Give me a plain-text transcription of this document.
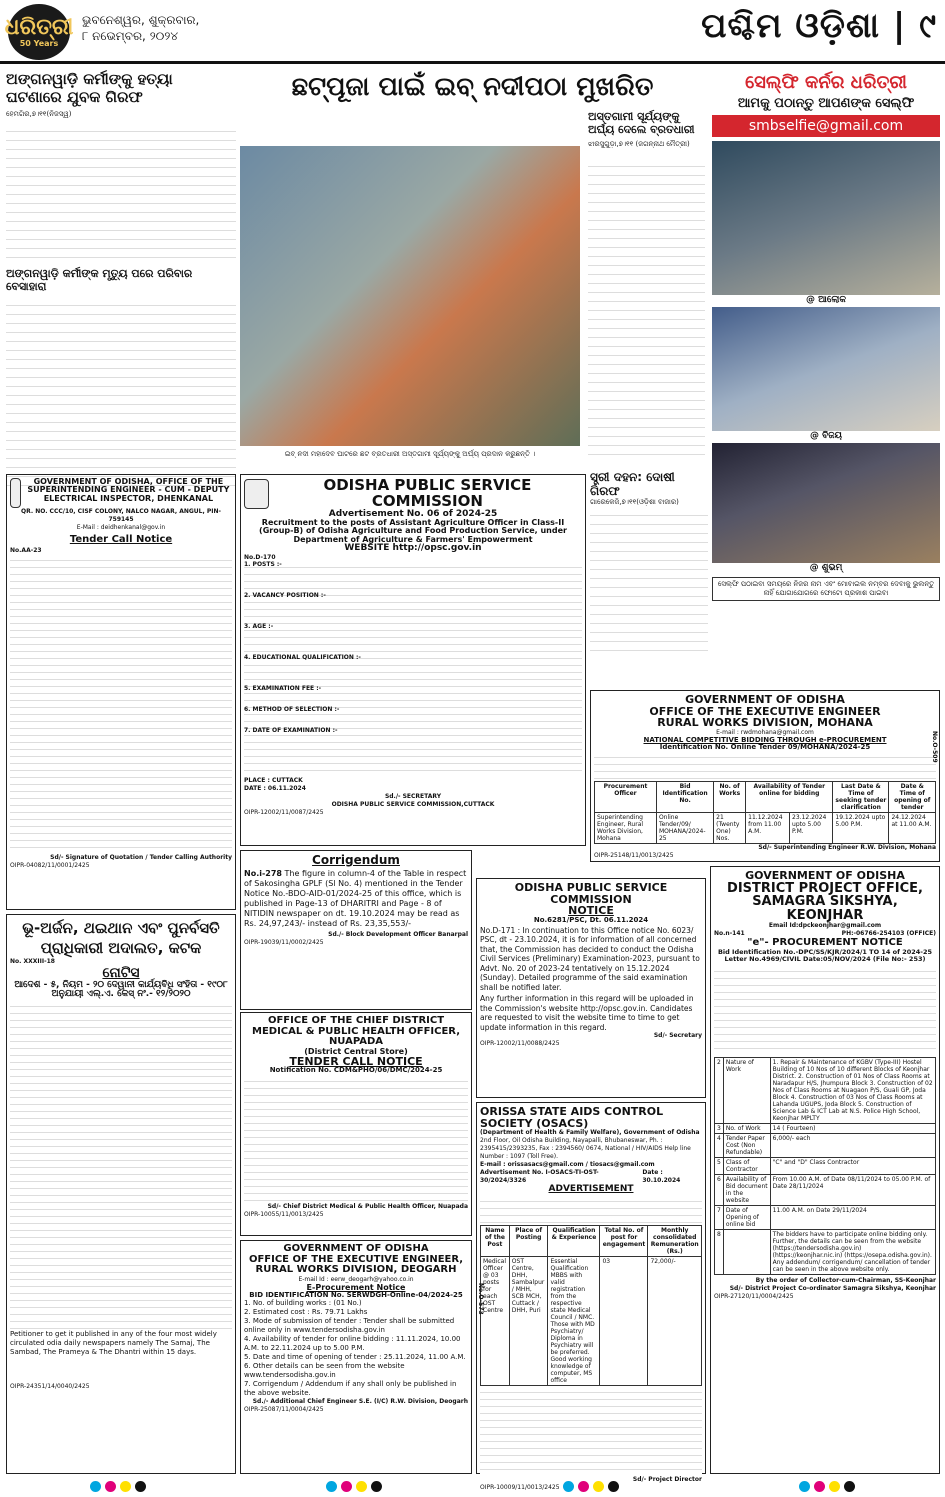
ଧରିତ୍ରୀ
50 Years
ଭୁବନେଶ୍ୱର, ଶୁକ୍ରବାର,
୮ ନଭେମ୍ବର, ୨୦୨୪	ପଶ୍ଚିମ ଓଡ଼ିଶା | ୯
ଅଙ୍ଗନୱାଡ଼ି କର୍ମୀଙ୍କୁ ହତ୍ୟା ଘଟଣାରେ ଯୁବକ ଗିରଫ
ହେମଗିର,୭।୧୧(ନିଜସ୍ୱ)
ଅଙ୍ଗନୱାଡ଼ି କର୍ମୀଙ୍କ ମୃତ୍ୟୁ ପରେ ପରିବାର ବେସାହାରା
ଛଟ୍‌ପୂଜା ପାଇଁ ଇବ୍ ନଦୀପଠା ମୁଖରିତ
ଇବ୍ ନଦୀ ମହାଦେବ ଘାଟରେ ଛଟ ବ୍ରତଧାରୀ ଅସ୍ତଗାମୀ ସୂର୍ଯ୍ୟଙ୍କୁ ଅର୍ଘ୍ୟ ପ୍ରଦାନ କରୁଛନ୍ତି ।
ଅସ୍ତଗାମୀ ସୂର୍ଯ୍ୟଙ୍କୁ ଅର୍ଘ୍ୟ ଦେଲେ ବ୍ରତଧାରୀ
ଝାରସୁଗୁଡ଼ା,୭।୧୧ (ଜଗନ୍ନାଥ ମୈତ୍ରୀ)
ସେଲ୍ଫି କର୍ନର ଧରିତ୍ରୀ
ଆମକୁ ପଠାନ୍ତୁ ଆପଣଙ୍କ ସେଲ୍ଫି
smbselfie@gmail.com
@ ଆଲୋକ
@ ବିଜୟ
@ ଶୁଭମ୍
ସେଲ୍ଫି ପଠାଇବା ସମୟରେ ନିଜର ନାମ ଏବଂ ମୋବାଇଲ ନମ୍ବର ଦେବାକୁ ଭୁଲନ୍ତୁ ନାହିଁ ଯୋଗାଯୋଗରେ ଫୋଟୋ ପ୍ରକାଶ ପାଇବା
ସ୍ତ୍ରୀ ଦହନ: ଦୋଷୀ ଗିରଫ
ଗାରେକେଜି,୭।୧୧(ଓଡ଼ିଶା ବାଜାର)
GOVERNMENT OF ODISHA, OFFICE OF THE SUPERINTENDING ENGINEER - CUM - DEPUTY ELECTRICAL INSPECTOR, DHENKANAL
QR. NO. CCC/10, CISF COLONY, NALCO NAGAR, ANGUL, PIN-759145
E-Mail : deidhenkanal@gov.in
Tender Call Notice
No.AA-23
Sd/- Signature of Quotation / Tender Calling Authority
OIPR-04082/11/0001/2425
ODISHA PUBLIC SERVICE COMMISSION
Advertisement No. 06 of 2024-25
Recruitment to the posts of Assistant Agriculture Officer in Class-II (Group-B) of Odisha Agriculture and Food Production Service, under Department of Agriculture & Farmers' Empowerment
WEBSITE http://opsc.gov.in
No.D-170
1. POSTS :-
2. VACANCY POSITION :-
3. AGE :-
4. EDUCATIONAL QUALIFICATION :-
5. EXAMINATION FEE :-
6. METHOD OF SELECTION :-
7. DATE OF EXAMINATION :-
PLACE : CUTTACK
DATE : 06.11.2024
Sd./- SECRETARY
ODISHA PUBLIC SERVICE COMMISSION,CUTTACK
OIPR-12002/11/0087/2425
GOVERNMENT OF ODISHA
OFFICE OF THE EXECUTIVE ENGINEER
RURAL WORKS DIVISION, MOHANA
E-mail : rwdmohana@gmail.com
NATIONAL COMPETITIVE BIDDING THROUGH e-PROCUREMENT
Identification No. Online Tender 09/MOHANA/2024-25
Procurement Officer	Bid Identification No.	No. of Works	Availability of Tender online for bidding		Last Date & Time of seeking tender clarification	Date & Time of opening of tender
Superintending Engineer, Rural Works Division, Mohana	Online Tender/09/ MOHANA/2024-25	21 (Twenty One) Nos.	11.12.2024 from 11.00 A.M.	23.12.2024 upto 5.00 P.M.	19.12.2024 upto 5.00 P.M.	24.12.2024 at 11.00 A.M.
Sd/- Superintending Engineer R.W. Division, Mohana
OIPR-25148/11/0013/2425
No.O-509
ଭୂ-ଅର୍ଜନ, ଥଇଥାନ ଏବଂ ପୁନର୍ବସତି ପ୍ରାଧିକାରୀ ଅଦାଲତ, କଟକ
No. XXXIII-18
ନୋଟିସ
ଆଦେଶ - ୫, ନିୟମ - ୨୦ ଦେୱାନୀ କାର୍ଯ୍ୟବିଧି ସଂହିତା - ୧୯୦୮ ଅନୁଯାୟୀ ଏଲ୍.ଏ. କେସ୍ ନଂ.- ୧୨/୨୦୨୦
Petitioner to get it published in any of the four most widely circulated odia daily newspapers namely The Samaj, The Sambad, The Prameya & The Dhantri within 15 days.
OIPR-24351/14/0040/2425
Corrigendum
No.i-278 The figure in column-4 of the Table in respect of Sakosingha GPLF (Sl No. 4) mentioned in the Tender Notice No.-BDO-AID-01/2024-25 of this office, which is published in Page-13 of DHARITRI and Page - 8 of NITIDIN newspaper on dt. 19.10.2024 may be read as Rs. 24,97,243/- instead of Rs. 23,35,553/-
Sd./- Block Development Officer Banarpal
OIPR-19039/11/0002/2425
OFFICE OF THE CHIEF DISTRICT MEDICAL & PUBLIC HEALTH OFFICER, NUAPADA
(District Central Store)
TENDER CALL NOTICE
Notification No. CDM&PHO/06/DMC/2024-25
Sd/- Chief District Medical & Public Health Officer, Nuapada
OIPR-10055/11/0013/2425
GOVERNMENT OF ODISHA
OFFICE OF THE EXECUTIVE ENGINEER,
RURAL WORKS DIVISION, DEOGARH
E-mail Id : eerw_deogarh@yahoo.co.in
E-Procurement Notice
BID IDENTIFICATION No. SERWDGH-Online-04/2024-25
1. No. of building works : (01 No.)
2. Estimated cost : Rs. 79.71 Lakhs
3. Mode of submission of tender : Tender shall be submitted online only in www.tendersodisha.gov.in
4. Availability of tender for online bidding : 11.11.2024, 10.00 A.M. to 22.11.2024 up to 5.00 P.M.
5. Date and time of opening of tender : 25.11.2024, 11.00 A.M.
6. Other details can be seen from the website www.tendersodisha.gov.in
7. Corrigendum / Addendum if any shall only be published in the above website.
Sd./- Additional Chief Engineer S.E. (I/C) R.W. Division, Deogarh
OIPR-25087/11/0004/2425
ODISHA PUBLIC SERVICE COMMISSION
NOTICE
No.6281/PSC, Dt. 06.11.2024
No.D-171 : In continuation to this Office notice No. 6023/ PSC, dt - 23.10.2024, it is for information of all concerned that, the Commission has decided to conduct the Odisha Civil Services (Preliminary) Examination-2023, pursuant to Advt. No. 20 of 2023-24 tentatively on 15.12.2024 (Sunday). Detailed programme of the said examination shall be notified later.
Any further information in this regard will be uploaded in the Commission's website http://opsc.gov.in. Candidates are requested to visit the website time to time to get update information in this regard.
Sd/- Secretary
OIPR-12002/11/0088/2425
ORISSA STATE AIDS CONTROL SOCIETY (OSACS)
(Department of Health & Family Welfare), Government of Odisha
2nd Floor, Oil Odisha Building, Nayapalli, Bhubaneswar, Ph. : 2395415/2393235, Fax : 2394560/ 0674, National / HIV/AIDS Help line Number : 1097 (Toll Free).
E-mail : orissasacs@gmail.com / tiosacs@gmail.com
Advertisement No. I-OSACS-TI-OST-30/2024/3326
Date : 30.10.2024
ADVERTISEMENT
Name of the Post	Place of Posting	Qualification & Experience	Total No. of post for engagement	Monthly consolidated Remuneration (Rs.)
Medical Officer @ 03 posts for each OST Centre	OST Centre, DHH, Sambalpur / MHH, SCB MCH, Cuttack / DHH, Puri	Essential Qualification MBBS with valid registration from the respective state Medical Council / NMC. Those with MD Psychiatry/ Diploma in Psychiatry will be preferred. Good working knowledge of computer, MS office	03	72,000/-
Sd/- Project Director
OIPR-10009/11/0013/2425
No.O-573
GOVERNMENT OF ODISHA
DISTRICT PROJECT OFFICE,
SAMAGRA SIKSHYA, KEONJHAR
Email Id:dpckeonjhar@gmail.com
No.n-141	PH:-06766-254103 (OFFICE)
"e"- PROCUREMENT NOTICE
Bid Identification No.-DPC/SS/KJR/2024/1 TO 14 of 2024-25
Letter No.4969/CIVIL Date:05/NOV/2024 (File No:- 253)
2	Nature of Work	1. Repair & Maintenance of KGBV (Type-III) Hostel Building of 10 Nos of 10 different Blocks of Keonjhar District. 2. Construction of 01 Nos of Class Rooms at Naradapur H/S, Jhumpura Block 3. Construction of 02 Nos of Class Rooms at Nuagaon P/S, Guali GP, Joda Block 4. Construction of 03 Nos of Class Rooms at Lahanda UGUPS, Joda Block 5. Construction of Science Lab & ICT Lab at N.S. Police High School, Keonjhar MPLTY
3	No. of Work	14 ( Fourteen)
4	Tender Paper Cost (Non Refundable)	6,000/- each
5	Class of Contractor	"C" and "D" Class Contractor
6	Availability of Bid document in the website	From 10.00 A.M. of Date 08/11/2024 to 05.00 P.M. of Date 28/11/2024
7	Date of Opening of online bid	11.00 A.M. on Date 29/11/2024
8		The bidders have to participate online bidding only. Further, the details can be seen from the website (https://tendersodisha.gov.in) (https://keonjhar.nic.in) (https://osepa.odisha.gov.in). Any addendum/ corrigendum/ cancellation of tender can be seen in the above website only.
By the order of Collector-cum-Chairman, SS-Keonjhar
Sd/- District Project Co-ordinator Samagra Sikshya, Keonjhar
OIPR-27120/11/0004/2425
